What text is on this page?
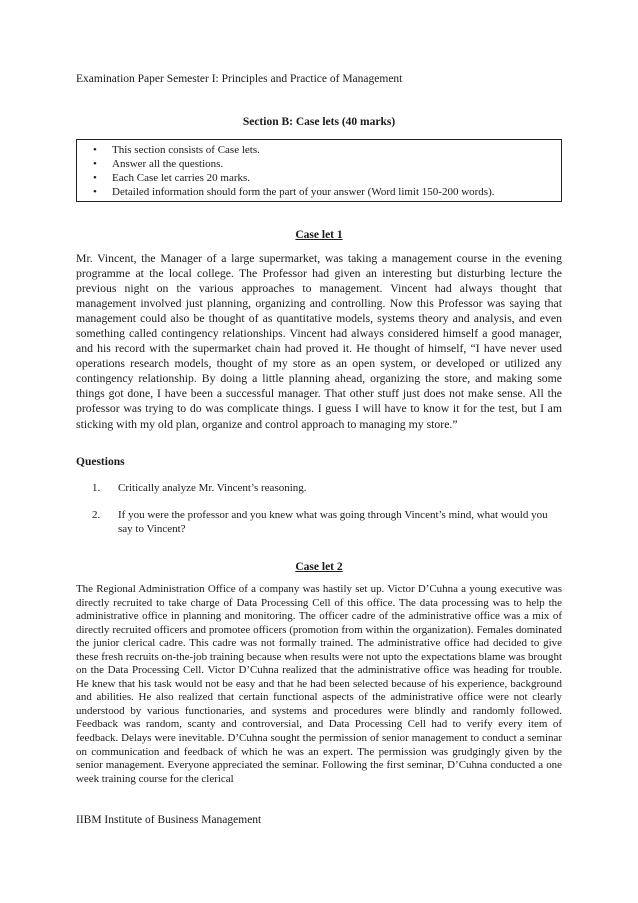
Examination Paper Semester I: Principles and Practice of Management
Section B: Case lets (40 marks)
• This section consists of Case lets.
• Answer all the questions.
• Each Case let carries 20 marks.
• Detailed information should form the part of your answer (Word limit 150-200 words).
Case let 1

Mr. Vincent, the Manager of a large supermarket, was taking a management course in the evening programme at the local college. The Professor had given an interesting but disturbing lecture the previous night on the various approaches to management. Vincent had always thought that management involved just planning, organizing and controlling. Now this Professor was saying that management could also be thought of as quantitative models, systems theory and analysis, and even something called contingency relationships. Vincent had always considered himself a good manager, and his record with the supermarket chain had proved it. He thought of himself, “I have never used operations research models, thought of my store as an open system, or developed or utilized any contingency relationship. By doing a little planning ahead, organizing the store, and making some things got done, I have been a successful manager. That other stuff just does not make sense. All the professor was trying to do was complicate things. I guess I will have to know it for the test, but I am sticking with my old plan, organize and control approach to managing my store.”

Questions
1. Critically analyze Mr. Vincent’s reasoning.
2. If you were the professor and you knew what was going through Vincent’s mind, what would you say to Vincent?
Case let 2

The Regional Administration Office of a company was hastily set up. Victor D’Cuhna a young executive was directly recruited to take charge of Data Processing Cell of this office. The data processing was to help the administrative office in planning and monitoring. The officer cadre of the administrative office was a mix of directly recruited officers and promotee officers (promotion from within the organization). Females dominated the junior clerical cadre. This cadre was not formally trained. The administrative office had decided to give these fresh recruits on-the-job training because when results were not upto the expectations blame was brought on the Data Processing Cell. Victor D’Cuhna realized that the administrative office was heading for trouble. He knew that his task would not be easy and that he had been selected because of his experience, background and abilities. He also realized that certain functional aspects of the administrative office were not clearly understood by various functionaries, and systems and procedures were blindly and randomly followed. Feedback was random, scanty and controversial, and Data Processing Cell had to verify every item of feedback. Delays were inevitable. D’Cuhna sought the permission of senior management to conduct a seminar on communication and feedback of which he was an expert. The permission was grudgingly given by the senior management. Everyone appreciated the seminar. Following the first seminar, D’Cuhna conducted a one week training course for the clerical

IIBM Institute of Business Management
